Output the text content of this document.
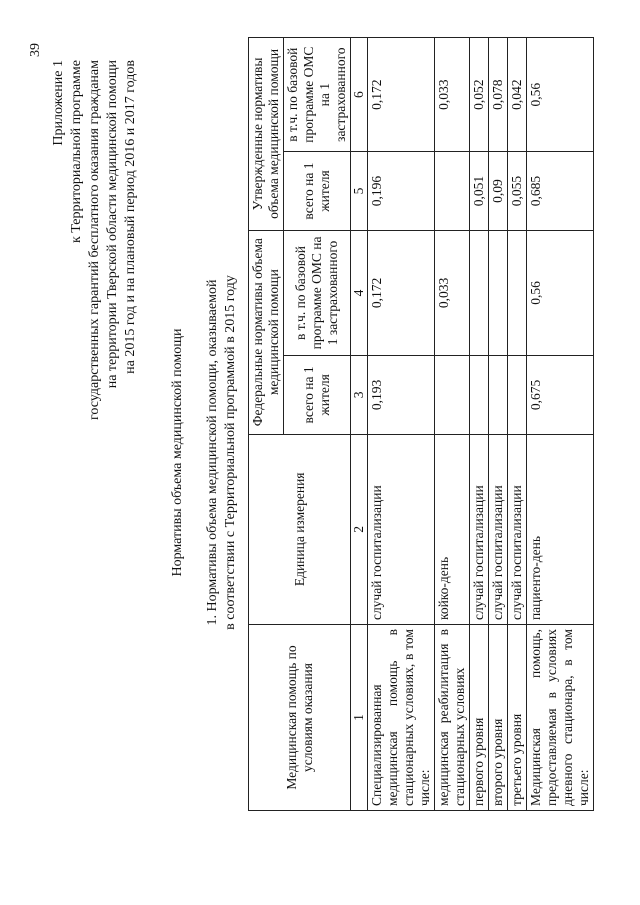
39
Приложение 1 к Территориальной программе государственных гарантий бесплатного оказания гражданам на территории Тверской области медицинской помощи на 2015 год и на плановый период 2016 и 2017 годов
Нормативы объема медицинской помощи 1. Нормативы объема медицинской помощи, оказываемой в соответствии с Территориальной программой в 2015 году
Медицинская помощь по условиям оказания	Единица измерения	Федеральные нормативы объема медицинской помощи		Утвержденные нормативы объема медицинской помощи	
		всего на 1 жителя	в т.ч. по базовой программе ОМС на 1 застрахованного	всего на 1 жителя	в т.ч. по базовой программе ОМС на 1 застрахованного
1	2	3	4	5	6
Специализированная медицинская помощь в стационарных условиях, в том числе:	случай госпитализации	0,193	0,172	0,196	0,172
медицинская реабилитация в стационарных условиях	койко-день		0,033		0,033
первого уровня	случай госпитализации			0,051	0,052
второго уровня	случай госпитализации			0,09	0,078
третьего уровня	случай госпитализации			0,055	0,042
Медицинская помощь, предоставляемая в условиях дневного стационара, в том числе:	пациенто-день	0,675	0,56	0,685	0,56
